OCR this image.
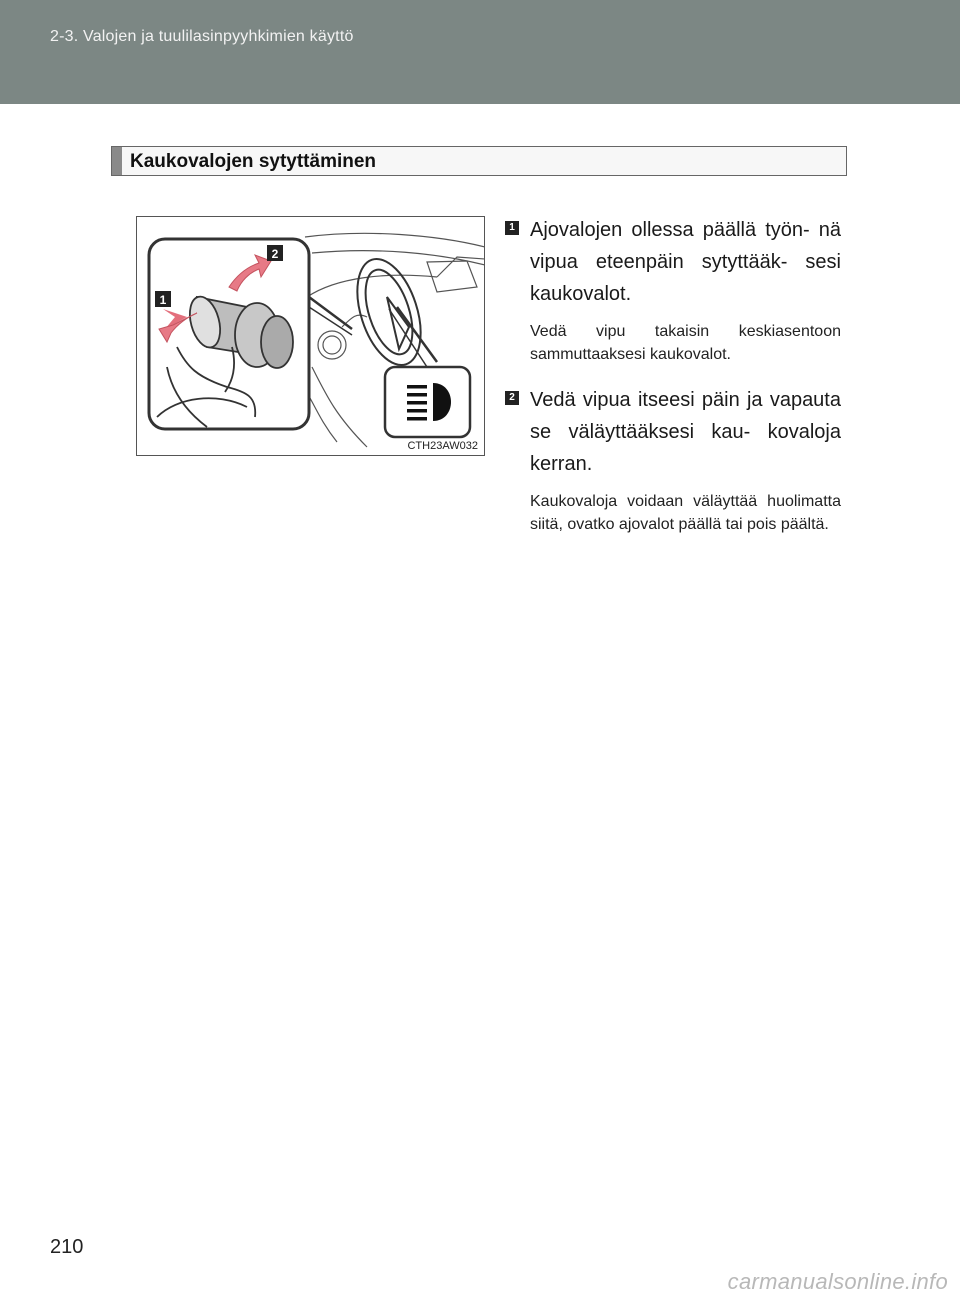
2-3. Valojen ja tuulilasinpyyhkimien käyttö
Kaukovalojen sytyttäminen
1
2
CTH23AW032
1 Ajovalojen ollessa päällä työn- nä vipua eteenpäin sytyttääk- sesi kaukovalot.

Vedä vipu takaisin keskiasentoon sammuttaaksesi kaukovalot.

2 Vedä vipua itseesi päin ja vapauta se väläyttääksesi kau- kovaloja kerran.

Kaukovaloja voidaan väläyttää huolimatta siitä, ovatko ajovalot päällä tai pois päältä.

210
carmanualsonline.info
